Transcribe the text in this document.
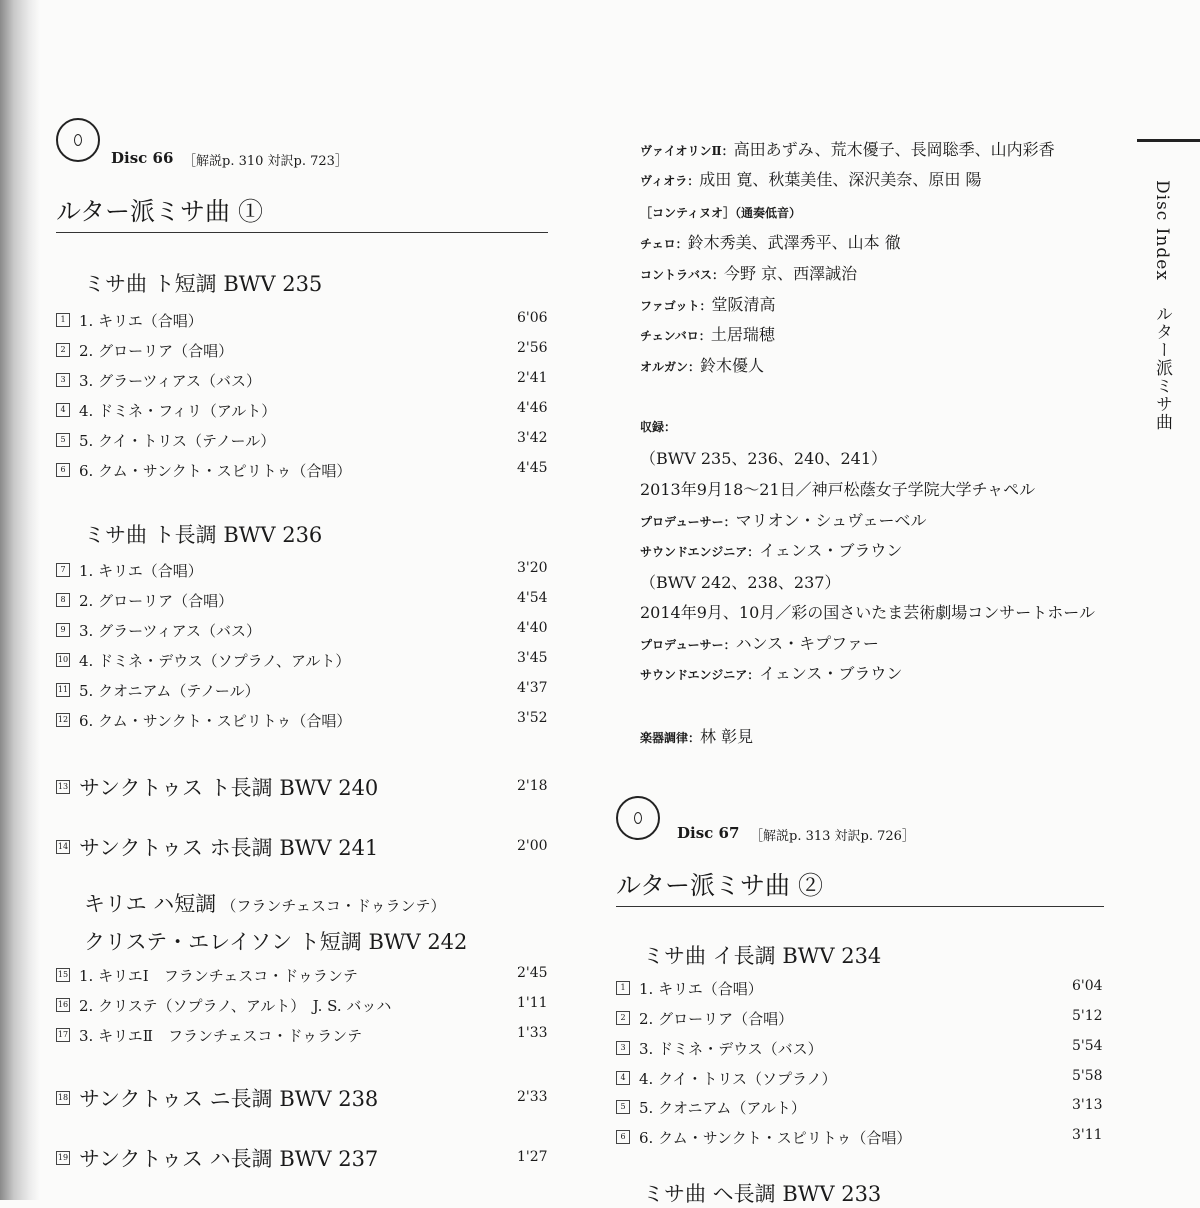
Disc 66 ［解説p. 310 対訳p. 723］
ルター派ミサ曲 ①
ミサ曲 ト短調 BWV 235
1 1. キリエ（合唱）	6'06
2 2. グローリア（合唱）	2'56
3 3. グラーツィアス（バス）	2'41
4 4. ドミネ・フィリ（アルト）	4'46
5 5. クイ・トリス（テノール）	3'42
6 6. クム・サンクト・スピリトゥ（合唱）	4'45
ミサ曲 ト長調 BWV 236
7 1. キリエ（合唱）	3'20
8 2. グローリア（合唱）	4'54
9 3. グラーツィアス（バス）	4'40
10 4. ドミネ・デウス（ソプラノ、アルト）	3'45
11 5. クオニアム（テノール）	4'37
12 6. クム・サンクト・スピリトゥ（合唱）	3'52
13 サンクトゥス ト長調 BWV 240	2'18
14 サンクトゥス ホ長調 BWV 241	2'00
キリエ ハ短調 （フランチェスコ・ドゥランテ）
クリステ・エレイソン ト短調 BWV 242
15 1. キリエⅠ　フランチェスコ・ドゥランテ	2'45
16 2. クリステ（ソプラノ、アルト）　J. S. バッハ	1'11
17 3. キリエⅡ　フランチェスコ・ドゥランテ	1'33
18 サンクトゥス ニ長調 BWV 238	2'33
19 サンクトゥス ハ長調 BWV 237	1'27
ヴァイオリンⅡ：高田あずみ、荒木優子、長岡聡季、山内彩香
ヴィオラ：成田 寛、秋葉美佳、深沢美奈、原田 陽
［コンティヌオ］（通奏低音）
チェロ：鈴木秀美、武澤秀平、山本 徹
コントラバス：今野 京、西澤誠治
ファゴット：堂阪清高
チェンバロ：土居瑞穂
オルガン：鈴木優人
収録：
（BWV 235、236、240、241）
2013年9月18～21日／神戸松蔭女子学院大学チャペル
プロデューサー：マリオン・シュヴェーベル
サウンドエンジニア：イェンス・ブラウン
（BWV 242、238、237）
2014年9月、10月／彩の国さいたま芸術劇場コンサートホール
プロデューサー：ハンス・キプファー
サウンドエンジニア：イェンス・ブラウン
楽器調律：林 彰見
Disc 67 ［解説p. 313 対訳p. 726］
ルター派ミサ曲 ②
ミサ曲 イ長調 BWV 234
1 1. キリエ（合唱）	6'04
2 2. グローリア（合唱）	5'12
3 3. ドミネ・デウス（バス）	5'54
4 4. クイ・トリス（ソプラノ）	5'58
5 5. クオニアム（アルト）	3'13
6 6. クム・サンクト・スピリトゥ（合唱）	3'11
ミサ曲 ヘ長調 BWV 233
Disc Index ルター派ミサ曲
